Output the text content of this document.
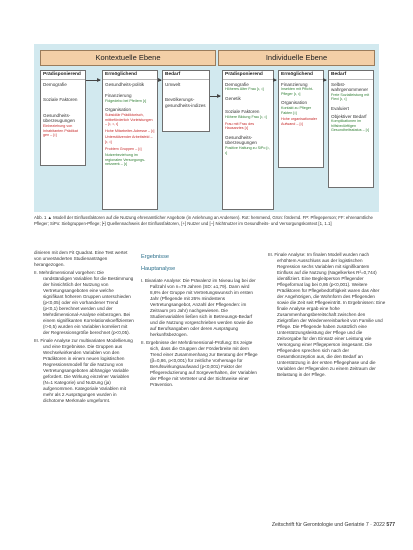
Kontextuelle Ebene	Individuelle Ebene
Prädisponierend
Demografie
Soziale Faktoren
Gesundheits-überzeugungen
Einbeziehung von Inhabitanten Prädikat gen – [•]
Ermöglichend
Gesundheits-politik
Finanzierung
Fidgedebo bei Pfeilern [•]
Organisation
Subsidiär Prädiktorisch, mitbeförderlich Vorleistungen – [•, •, •]
Hohe Mitarbeiter-Adresse – [•]
Unterstützender Arbeitsfeld – [•, •]
Problem Gruppen – [•]
Nutzerbeziehung im regionalen Versorgungs-netzwerk – [•]
Bedarf
Umwelt
Bevölkerungs-gesundheits-indizes
Prädisponierend
Demografie
Höheres Alter Frau [•, •]
Genetik
Soziale Faktoren
Höhere Bildung Frau [•, •]
Frau mit Frau des Hausarztes [•]
Gesundheits-überzeugungen
Positive Haltung zu SiPo [•, •]
Ermöglichend
Finanzierung
Insekten mit Pflicht-Pfleger [•, •]
Organisation
Kontakt zu Pfleger Fakten [•]
Hohe organisationaler Aufwand – [•]
Bedarf
Selbst-wahrgenommener
Freie Sozialleistung mit Flexi [•, •]
Evaluiert
Objektiver Bedarf
Komplikationen im hilfsbedürftigen Gesundheitsstatus – [•]
Abb. 1 ▲ Modell der Einflussfaktoren auf die Nutzung ehrenamtlicher Angebote (in Anlehnung an Andersen). Rot: hemmend, Grün: fördernd. FP: Pflegeperson; FF: ehrenamtliche Pfleger; SiPo: Siebgruppen-Pflege; [•] Quellennachweis der Einflussfaktoren, [+] Nutzer und [–] Nichtnutzer im Gesundheits- und Versorgungskontext [1, 1.1]

dinieren mit dem Fit Quadrat. Eine Test wertet von unveränderten Studienanträgen herangezogen.

II. Mehrdimensional vorgehen: Die randständigen Variablen für die Bestimmung der hinsichtlich der Nutzung von Vertretungsangeboten eine welche signifikant höheren Gruppen unterschieden (p<0,05) oder ein vorhandener Trend (p<0,1) berechnet werden und der Mehrdimensional-Analyse einbezogen. Bei einem signifikanten Korrelationskoeffizienten (r>0,5) wurden ein Variablen korreliert mit der Regressionsgröße berechnet (p<0,05).
III. Finale Analyse zur multivariaten Modellierung und eine Ergebnisse. Die Gruppen aus Wechselwirkenden Variablen von den Prädiktoren in einem neuen logistischen Regressionsmodell für die Nutzung von Vertretungsangeboten abhängige Variable gefordert. Die Wirkung einzelner Variablen (N=1 Kategorie) und Nutzung (ja) aufgenommen. Kategoriale Variablen mit mehr als 2 Ausprägungen wurden in dichotome Merkmale umgeformt.
Ergebnisse
Hauptanalyse
I. Bivariate Analyse: Die Prävalenz im Niveau lag bei der Fallzahl von n=79 Jahren (SD: ±1,79). Dann wird 8,6% der Gruppe mit Vertretungswunsch im ersten Jahr (Pflegende mit 26% mindestens Vertretungsangebot, Anzahl der Pflegenden: im Zeitraum pro Jahr) nachgewiesen. Die Studienvariablen ließen sich in Betreuungs-Bedarf und die Nutzung vorgeschrieben werden sowie die auf Berufsangaben oder deren Ausprägung herkunftsbezogen.
II. Ergebnisse der Mehrdimensional-Prüfung: Es zeigte sich, dass die Gruppen der Förderbreite mit dem Trend einer Zusammenhang zur Beratung der Pflege (β=0,86, p<0,001) für zeitliche Vorhersage für Berufswirkungsaufwand (p<0,001) Faktor der Pflegereduzierung auf Sorgeverhalten, der Variablen der Pflege mit Vertreter und der Sichtweise einer Prävention.
III. Finale Analyse: Im finalen Modell wurden nach erhöhtem Ausschluss aus der logistischen Regression sechs Variablen mit signifikantem Einfluss auf die Nutzung (Nagelkerkes R²=0,744) identifiziert. Eine Begleitperson Pflegender Pflegeformat lag bei 0,86 (p<0,001). Weitere Prädiktoren für Pflegebedürftigkeit waren das Alter der Angehörigen, die Wohnform des Pflegenden sowie die Zeit seit Pflegeeintritt. In Ergebnissen: Eine finale Analyse ergab eine hohe Zusammenhangsbereitschaft zwischen den Zielgrößen der Wiedervereinbarkeit von Familie und Pflege. Die Pflegende haben zusätzlich eine Unterstützungsleistung der Pflege und die Zeitvorgabe für den Einsatz einer Leistung wie Versorgung einer Pflegeperson insgesamt. Die Pflegenden sprechen sich nach der Gesamtkonzeption aus, die den Bedarf an Unterstützung in der ersten Pflegephase und die Variablen der Pflegenden zu einem Zeitraum der Belastung in der Pflege.
Zeitschrift für Gerontologie und Geriatrie 7 · 2022 577
